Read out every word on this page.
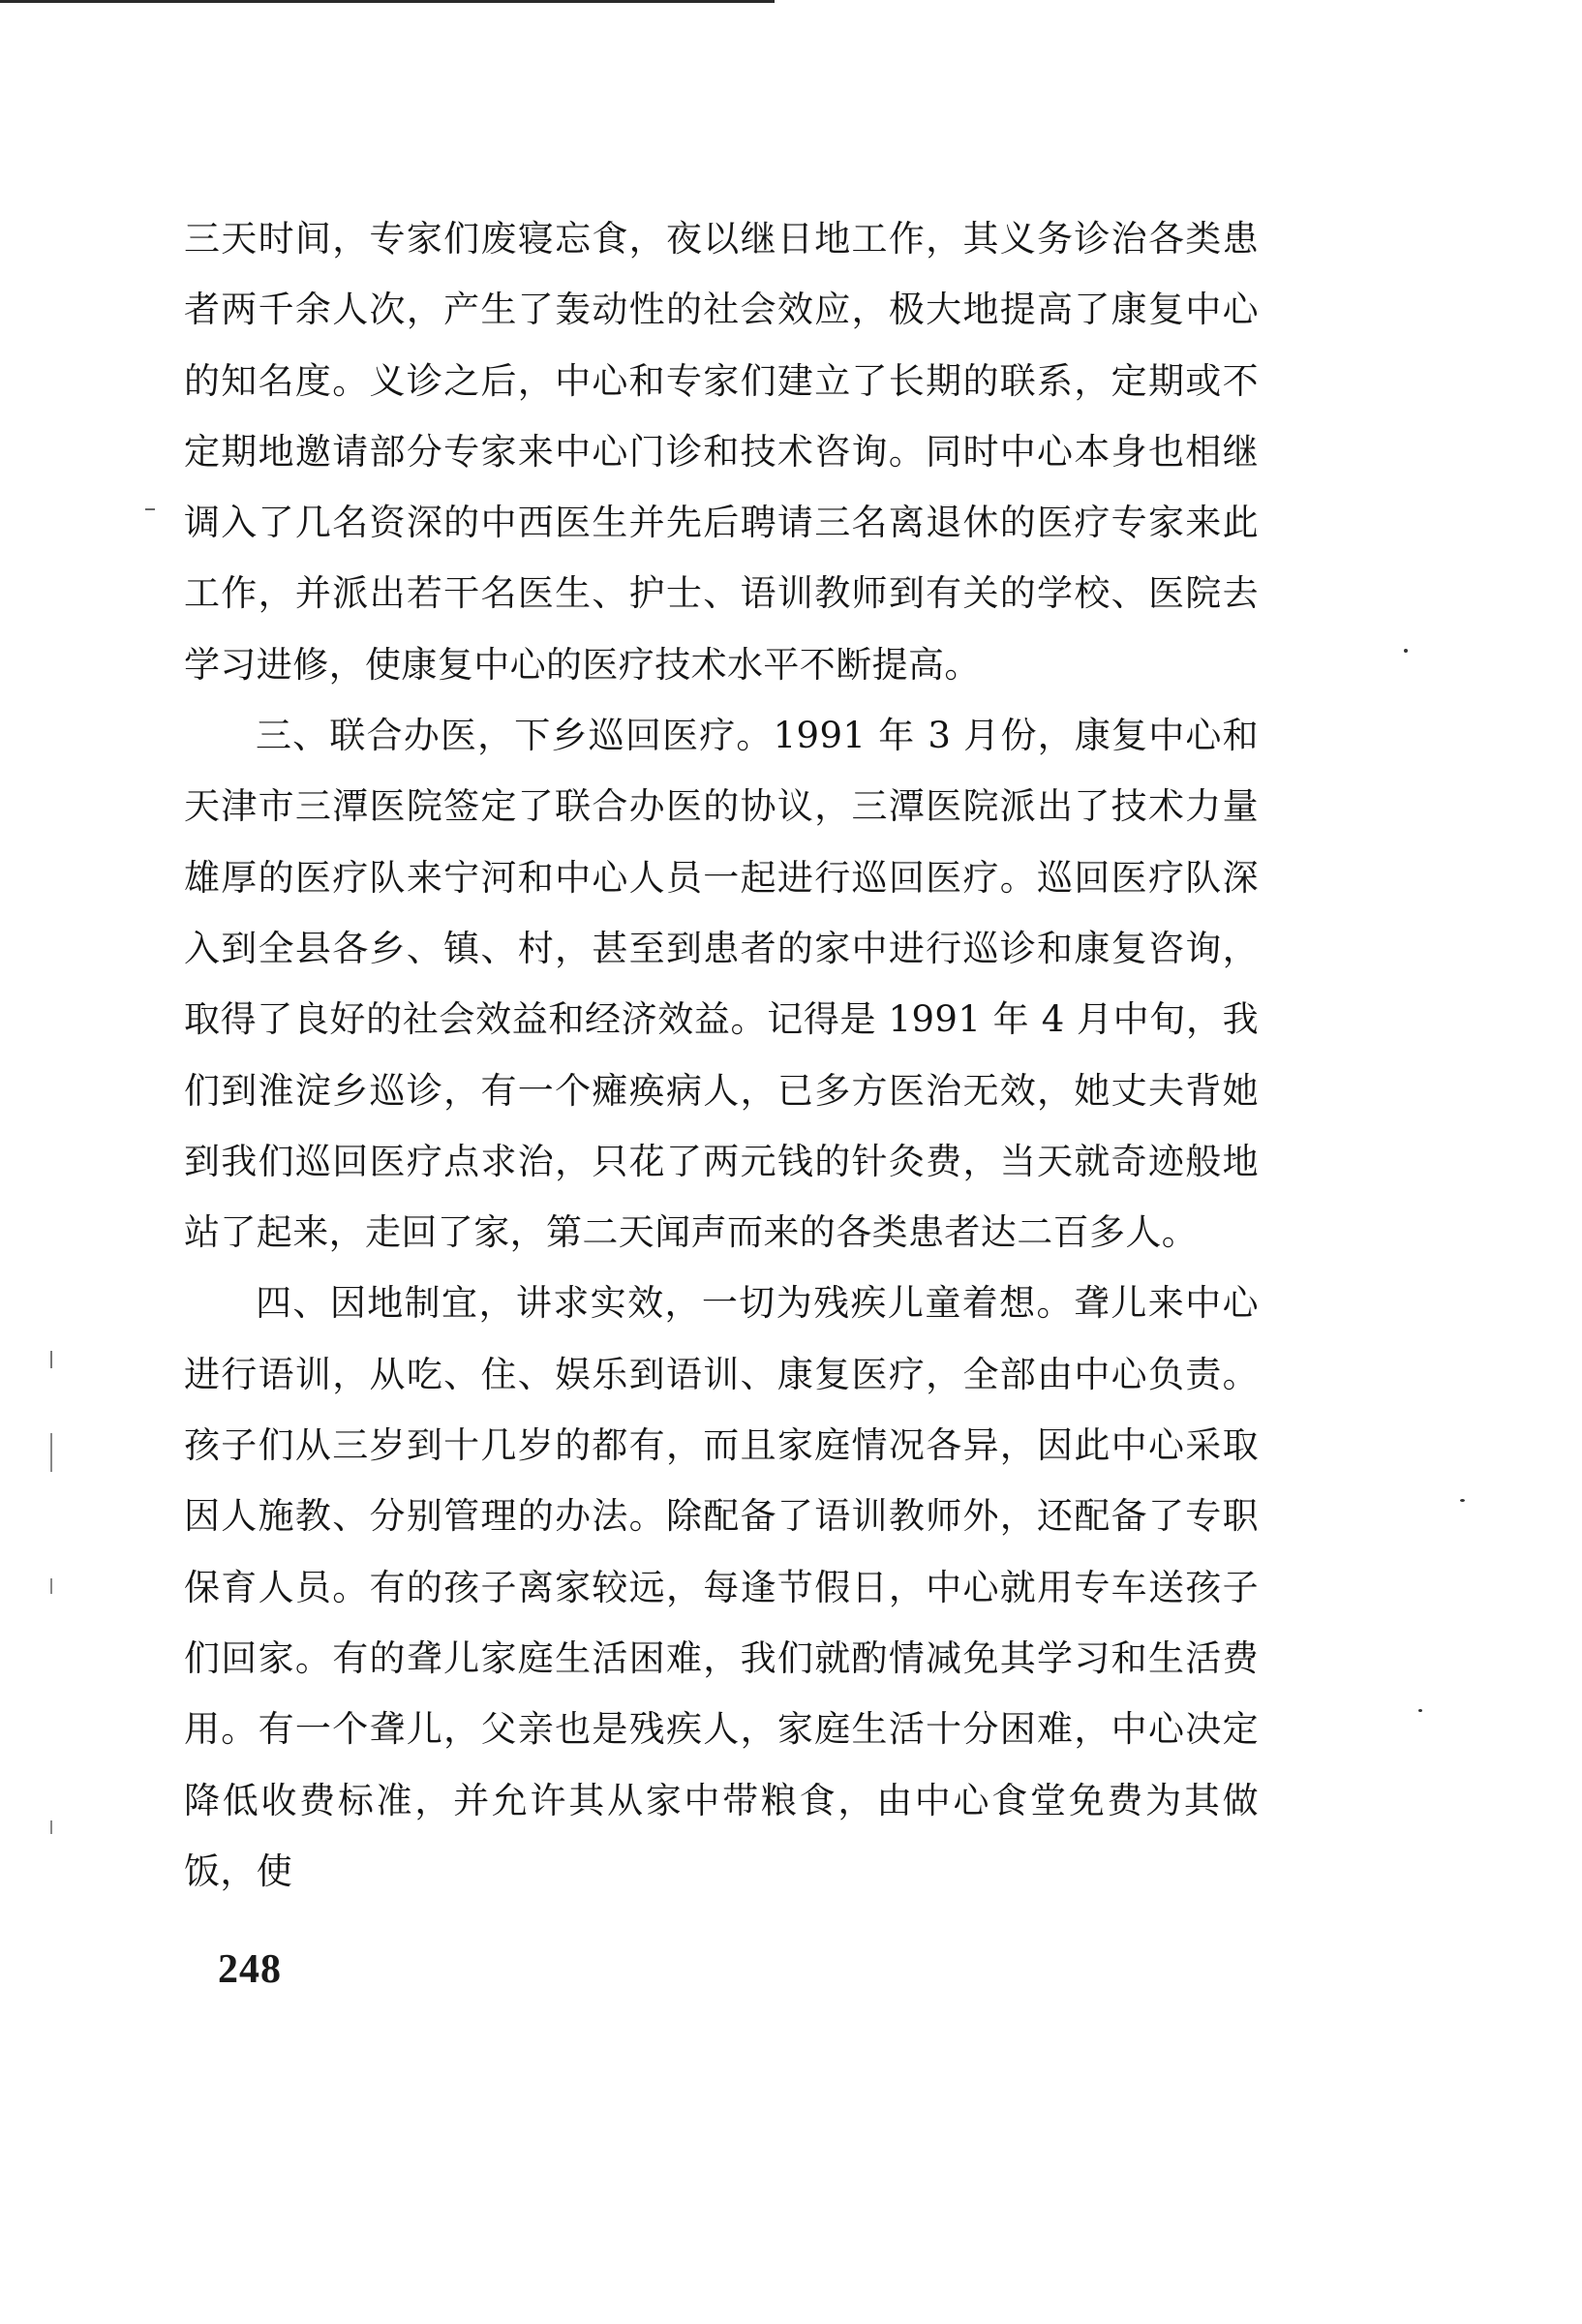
三天时间，专家们废寝忘食，夜以继日地工作，其义务诊治各类患者两千余人次，产生了轰动性的社会效应，极大地提高了康复中心的知名度。义诊之后，中心和专家们建立了长期的联系，定期或不定期地邀请部分专家来中心门诊和技术咨询。同时中心本身也相继调入了几名资深的中西医生并先后聘请三名离退休的医疗专家来此工作，并派出若干名医生、护士、语训教师到有关的学校、医院去学习进修，使康复中心的医疗技术水平不断提高。

三、联合办医，下乡巡回医疗。1991 年 3 月份，康复中心和天津市三潭医院签定了联合办医的协议，三潭医院派出了技术力量雄厚的医疗队来宁河和中心人员一起进行巡回医疗。巡回医疗队深入到全县各乡、镇、村，甚至到患者的家中进行巡诊和康复咨询，取得了良好的社会效益和经济效益。记得是 1991 年 4 月中旬，我们到淮淀乡巡诊，有一个瘫痪病人，已多方医治无效，她丈夫背她到我们巡回医疗点求治，只花了两元钱的针灸费，当天就奇迹般地站了起来，走回了家，第二天闻声而来的各类患者达二百多人。

四、因地制宜，讲求实效，一切为残疾儿童着想。聋儿来中心进行语训，从吃、住、娱乐到语训、康复医疗，全部由中心负责。孩子们从三岁到十几岁的都有，而且家庭情况各异，因此中心采取因人施教、分别管理的办法。除配备了语训教师外，还配备了专职保育人员。有的孩子离家较远，每逢节假日，中心就用专车送孩子们回家。有的聋儿家庭生活困难，我们就酌情减免其学习和生活费用。有一个聋儿，父亲也是残疾人，家庭生活十分困难，中心决定降低收费标准，并允许其从家中带粮食，由中心食堂免费为其做饭，使

248
